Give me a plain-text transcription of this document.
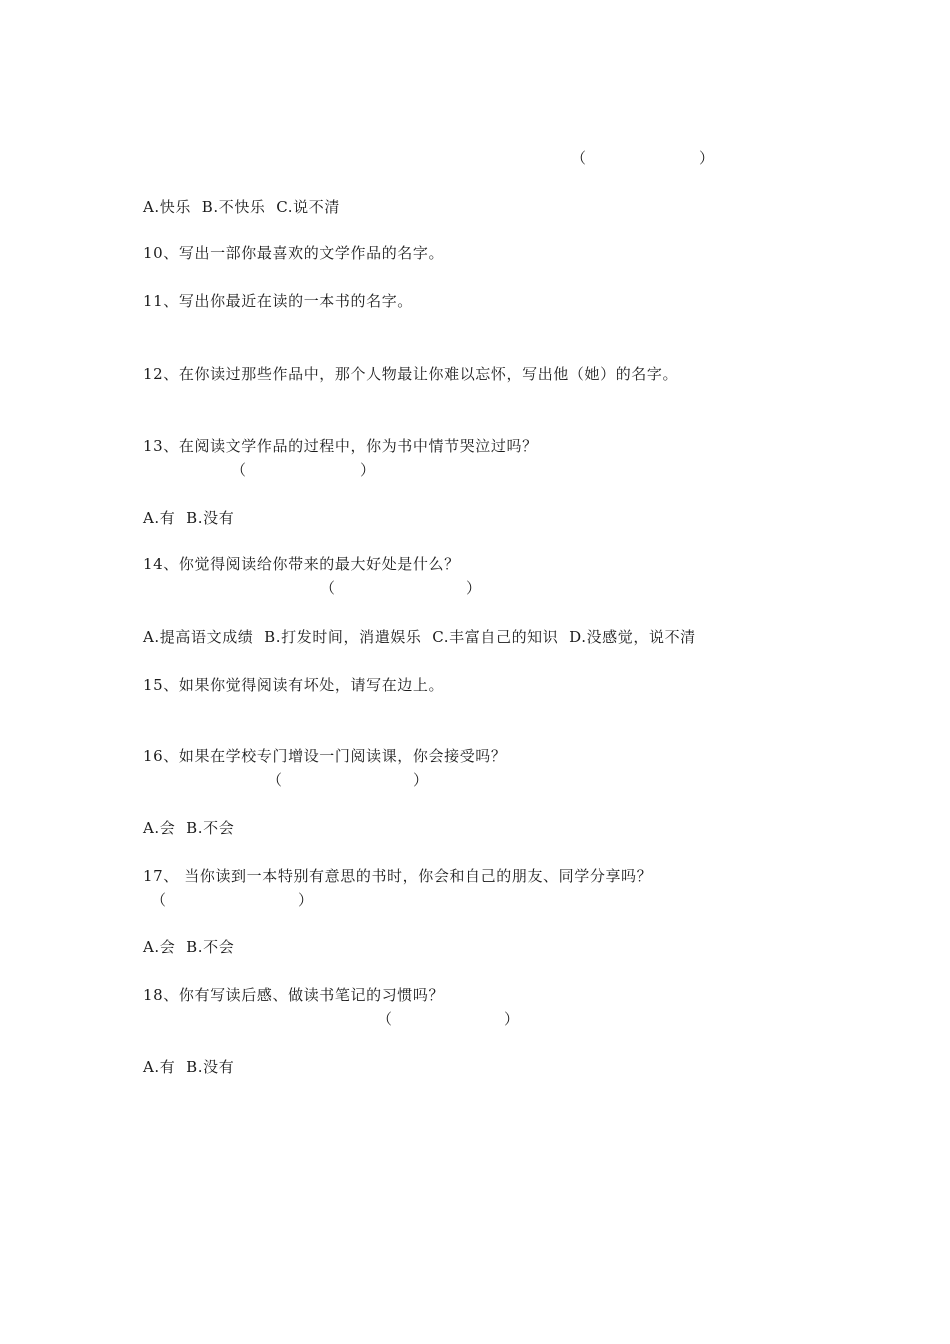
（	）
A.快乐  B.不快乐  C.说不清
10、写出一部你最喜欢的文学作品的名字。
11、写出你最近在读的一本书的名字。
12、在你读过那些作品中，那个人物最让你难以忘怀，写出他（她）的名字。
13、在阅读文学作品的过程中，你为书中情节哭泣过吗？
（	）
A.有  B.没有
14、你觉得阅读给你带来的最大好处是什么？
（	）
A.提高语文成绩  B.打发时间，消遣娱乐  C.丰富自己的知识  D.没感觉，说不清
15、如果你觉得阅读有坏处，请写在边上。
16、如果在学校专门增设一门阅读课，你会接受吗？
（	）
A.会  B.不会
17、 当你读到一本特别有意思的书时，你会和自己的朋友、同学分享吗？
（	）
A.会  B.不会
18、你有写读后感、做读书笔记的习惯吗？
（	）
A.有  B.没有
